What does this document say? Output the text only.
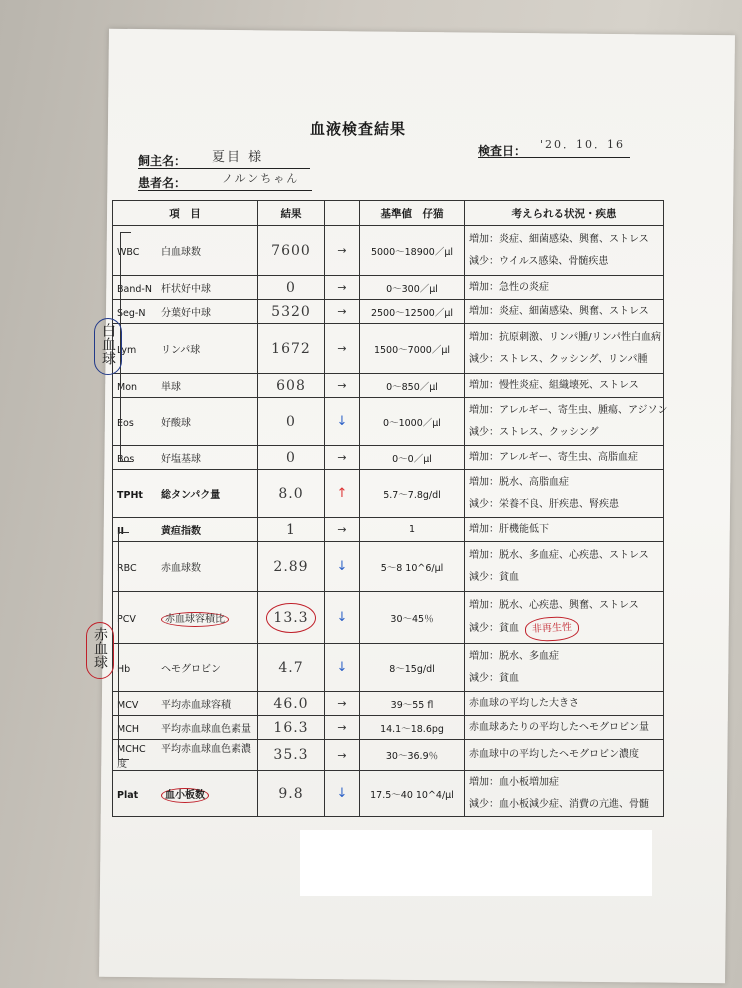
血液検査結果
飼主名： 夏目 様
患者名：	ノルンちゃん
検査日： '20．10．16
項　目	結果		基準値　仔猫	考えられる状況・疾患
WBC 白血球数	7600	→	5000～18900／μl	増加：炎症、細菌感染、興奮、ストレス
減少：ウイルス感染、骨髄疾患

Band-N 杆状好中球	0	→	0～300／μl	増加：急性の炎症

Seg-N 分葉好中球	5320	→	2500～12500／μl	増加：炎症、細菌感染、興奮、ストレス

Lym リンパ球	1672	→	1500～7000／μl	増加：抗原刺激、リンパ腫/リンパ性白血病
減少：ストレス、クッシング、リンパ腫

Mon 単球	608	→	0～850／μl	増加：慢性炎症、組織壊死、ストレス

Eos 好酸球	0	↓	0～1000／μl	増加：アレルギー、寄生虫、腫瘍、アジソン
減少：ストレス、クッシング

Bos 好塩基球	0	→	0～0／μl	増加：アレルギー、寄生虫、高脂血症

TPHt 総タンパク量	8.0	↑	5.7～7.8g/dl	増加：脱水、高脂血症
減少：栄養不良、肝疾患、腎疾患

II 黄疸指数	1	→	1	増加：肝機能低下

RBC 赤血球数	2.89	↓	5～8 10^6/μl	増加：脱水、多血症、心疾患、ストレス
減少：貧血

PCV 赤血球容積比	13.3	↓	30～45％	増加：脱水、心疾患、興奮、ストレス
減少：貧血 非再生性

Hb ヘモグロビン	4.7	↓	8～15g/dl	増加：脱水、多血症
減少：貧血

MCV 平均赤血球容積	46.0	→	39～55 fl	赤血球の平均した大きさ

MCH 平均赤血球血色素量	16.3	→	14.1～18.6pg	赤血球あたりの平均したヘモグロビン量

MCHC 平均赤血球血色素濃度	35.3	→	30～36.9％	赤血球中の平均したヘモグロビン濃度

Plat 血小板数	9.8	↓	17.5～40 10^4/μl	増加：血小板増加症
減少：血小板減少症、消費の亢進、骨髄
白血球
赤血球
